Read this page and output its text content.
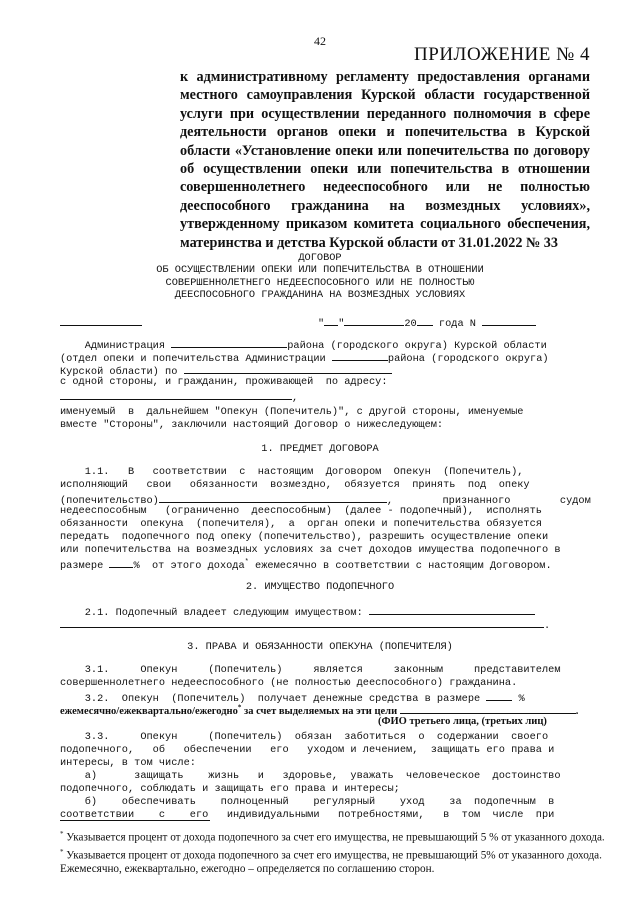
42
ПРИЛОЖЕНИЕ № 4
к административному регламенту предоставления органами
местного самоуправления Курской области государственной
услуги при осуществлении переданного полномочия в сфере
деятельности органов опеки и попечительства в Курской
области «Установление опеки или попечительства по договору
об осуществлении опеки или попечительства в отношении
совершеннолетнего недееспособного или не полностью
дееспособного гражданина на возмездных условиях»,
утвержденному приказом комитета социального обеспечения,
материнства и детства Курской области от 31.01.2022 № 33
ДОГОВОР
ОБ ОСУЩЕСТВЛЕНИИ ОПЕКИ ИЛИ ПОПЕЧИТЕЛЬСТВА В ОТНОШЕНИИ
СОВЕРШЕННОЛЕТНЕГО НЕДЕЕСПОСОБНОГО ИЛИ НЕ ПОЛНОСТЬЮ
ДЕЕСПОСОБНОГО ГРАЖДАНИНА НА ВОЗМЕЗДНЫХ УСЛОВИЯХ
" "	20 года N
Администрация	района (городского округа) Курской области
(отдел опеки и попечительства Администрации	района (городского округа)
Курской области) по
с одной стороны, и гражданин, проживающей  по адресу:
,
именуемый  в  дальнейшем "Опекун (Попечитель)", с другой стороны, именуемые
вместе "Стороны", заключили настоящий Договор о нижеследующем:
1. ПРЕДМЕТ ДОГОВОРА
1.1.   В   соответствии  с  настоящим  Договором  Опекун  (Попечитель),
исполняющий   свои   обязанности  возмездно,  обязуется  принять  под  опеку
(попечительство)	,        признанного        судом
недееспособным   (ограниченно  дееспособным)  (далее - подопечный),  исполнять
обязанности  опекуна  (попечителя),  а  орган опеки и попечительства обязуется
передать  подопечного под опеку (попечительство), разрешить осуществление опеки
или попечительства на возмездных условиях за счет доходов имущества подопечного в
размере %  от этого дохода* ежемесячно в соответствии с настоящим Договором.
2. ИМУЩЕСТВО ПОДОПЕЧНОГО
2.1. Подопечный владеет следующим имуществом:
.
3. ПРАВА И ОБЯЗАННОСТИ ОПЕКУНА (ПОПЕЧИТЕЛЯ)
3.1.     Опекун     (Попечитель)     является     законным     представителем
совершеннолетнего недееспособного (не полностью дееспособного) гражданина.
3.2.  Опекун  (Попечитель)  получает денежные средства в размере	%
ежемесячно/ежеквартально/ежегодно* за счет выделяемых на эти цели	.
(ФИО третьего лица, (третьих лиц)
3.3.     Опекун     (Попечитель)  обязан  заботиться  о  содержании  своего
подопечного,   об   обеспечении   его   уходом и лечением,  защищать его права и
интересы, в том числе:
а)      защищать    жизнь   и   здоровье,  уважать  человеческое  достоинство
подопечного, соблюдать и защищать его права и интересы;
б)    обеспечивать    полноценный    регулярный    уход    за  подопечным  в
соответствии    с    его   индивидуальными   потребностями,   в  том  числе  при
* Указывается процент от дохода подопечного за счет его имущества, не превышающий 5 % от указанного дохода.
* Указывается процент от дохода подопечного за счет его имущества, не превышающий 5% от указанного дохода.
Ежемесячно, ежеквартально, ежегодно – определяется по соглашению сторон.
